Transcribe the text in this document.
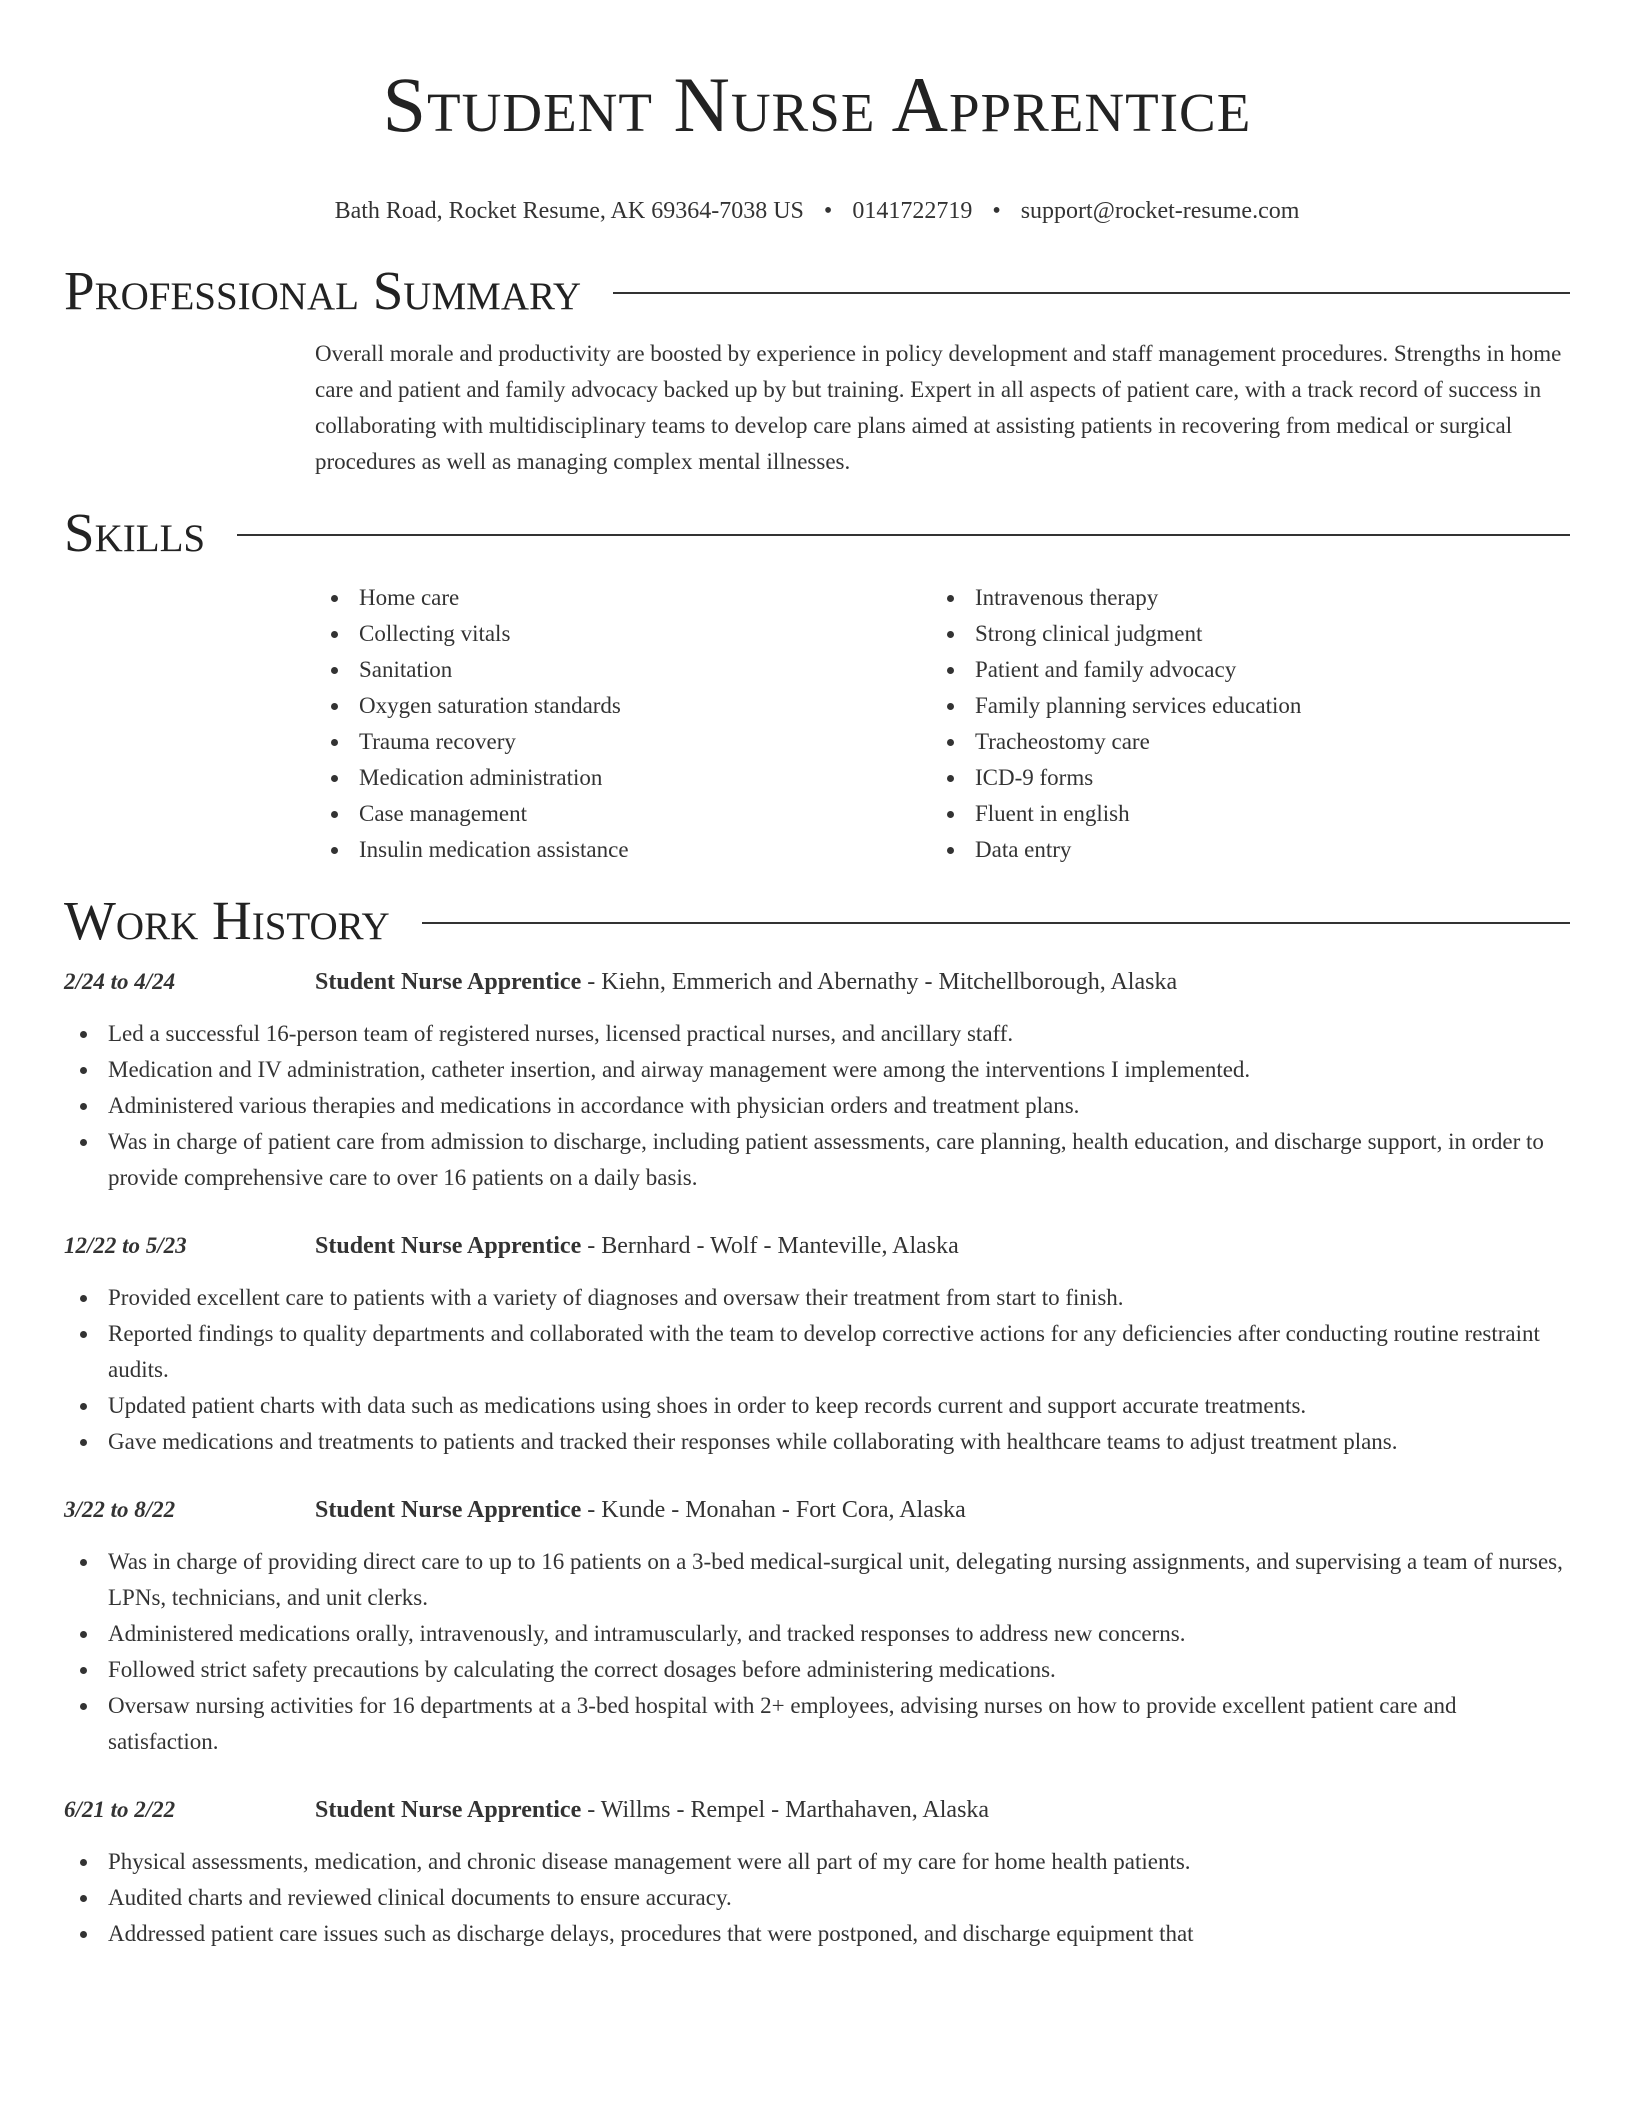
Student Nurse Apprentice
Bath Road, Rocket Resume, AK 69364-7038 US • 0141722719 • support@rocket-resume.com
Professional Summary
Overall morale and productivity are boosted by experience in policy development and staff management procedures. Strengths in home care and patient and family advocacy backed up by but training. Expert in all aspects of patient care, with a track record of success in collaborating with multidisciplinary teams to develop care plans aimed at assisting patients in recovering from medical or surgical procedures as well as managing complex mental illnesses.
Skills
Home care
Collecting vitals
Sanitation
Oxygen saturation standards
Trauma recovery
Medication administration
Case management
Insulin medication assistance
Intravenous therapy
Strong clinical judgment
Patient and family advocacy
Family planning services education
Tracheostomy care
ICD-9 forms
Fluent in english
Data entry
Work History
2/24 to 4/24	Student Nurse Apprentice - Kiehn, Emmerich and Abernathy - Mitchellborough, Alaska
Led a successful 16-person team of registered nurses, licensed practical nurses, and ancillary staff.
Medication and IV administration, catheter insertion, and airway management were among the interventions I implemented.
Administered various therapies and medications in accordance with physician orders and treatment plans.
Was in charge of patient care from admission to discharge, including patient assessments, care planning, health education, and discharge support, in order to provide comprehensive care to over 16 patients on a daily basis.
12/22 to 5/23	Student Nurse Apprentice - Bernhard - Wolf - Manteville, Alaska
Provided excellent care to patients with a variety of diagnoses and oversaw their treatment from start to finish.
Reported findings to quality departments and collaborated with the team to develop corrective actions for any deficiencies after conducting routine restraint audits.
Updated patient charts with data such as medications using shoes in order to keep records current and support accurate treatments.
Gave medications and treatments to patients and tracked their responses while collaborating with healthcare teams to adjust treatment plans.
3/22 to 8/22	Student Nurse Apprentice - Kunde - Monahan - Fort Cora, Alaska
Was in charge of providing direct care to up to 16 patients on a 3-bed medical-surgical unit, delegating nursing assignments, and supervising a team of nurses, LPNs, technicians, and unit clerks.
Administered medications orally, intravenously, and intramuscularly, and tracked responses to address new concerns.
Followed strict safety precautions by calculating the correct dosages before administering medications.
Oversaw nursing activities for 16 departments at a 3-bed hospital with 2+ employees, advising nurses on how to provide excellent patient care and satisfaction.
6/21 to 2/22	Student Nurse Apprentice - Willms - Rempel - Marthahaven, Alaska
Physical assessments, medication, and chronic disease management were all part of my care for home health patients.
Audited charts and reviewed clinical documents to ensure accuracy.
Addressed patient care issues such as discharge delays, procedures that were postponed, and discharge equipment that
